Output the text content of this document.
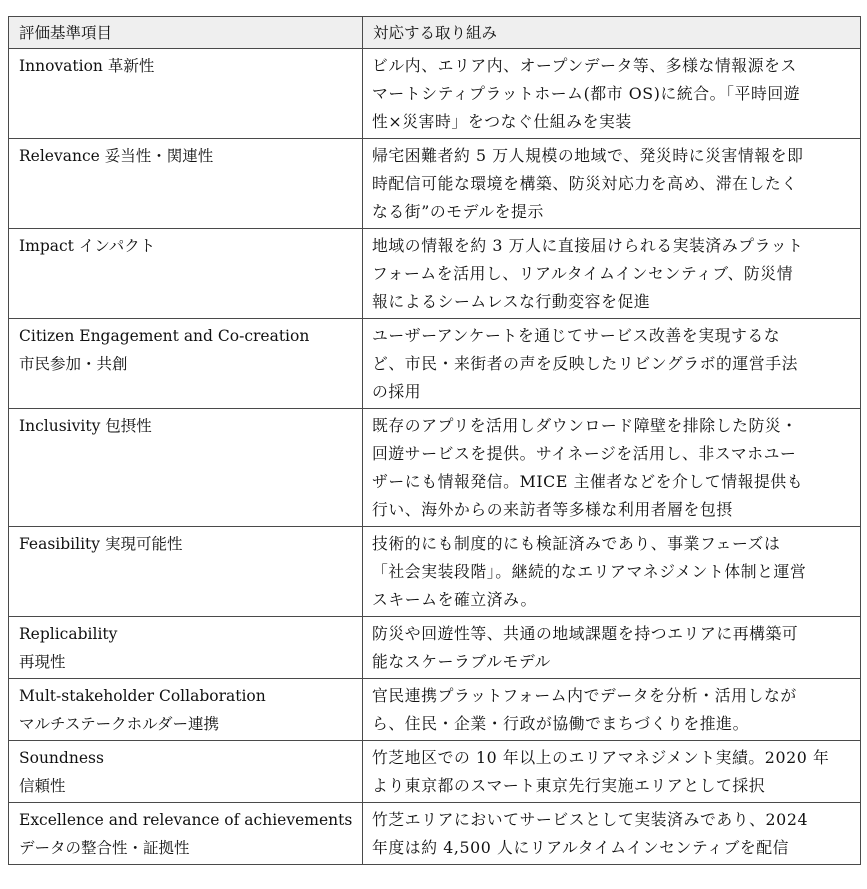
評価基準項目	対応する取り組み

Innovation 革新性	ビル内、エリア内、オープンデータ等、多様な情報源をス
マートシティプラットホーム(都市 OS)に統合。「平時回遊
性×災害時」をつなぐ仕組みを実装

Relevance 妥当性・関連性	帰宅困難者約 5 万人規模の地域で、発災時に災害情報を即
時配信可能な環境を構築、防災対応力を高め、滞在したく
なる街”のモデルを提示

Impact インパクト	地域の情報を約 3 万人に直接届けられる実装済みプラット
フォームを活用し、リアルタイムインセンティブ、防災情
報によるシームレスな行動変容を促進

Citizen Engagement and Co-creation
市民参加・共創	ユーザーアンケートを通じてサービス改善を実現するな
ど、市民・来街者の声を反映したリビングラボ的運営手法
の採用

Inclusivity 包摂性	既存のアプリを活用しダウンロード障壁を排除した防災・
回遊サービスを提供。サイネージを活用し、非スマホユー
ザーにも情報発信。MICE 主催者などを介して情報提供も
行い、海外からの来訪者等多様な利用者層を包摂

Feasibility 実現可能性	技術的にも制度的にも検証済みであり、事業フェーズは
「社会実装段階」。継続的なエリアマネジメント体制と運営
スキームを確立済み。

Replicability
再現性	防災や回遊性等、共通の地域課題を持つエリアに再構築可
能なスケーラブルモデル

Mult-stakeholder Collaboration
マルチステークホルダー連携	官民連携プラットフォーム内でデータを分析・活用しなが
ら、住民・企業・行政が協働でまちづくりを推進。

Soundness
信頼性	竹芝地区での 10 年以上のエリアマネジメント実績。2020 年
より東京都のスマート東京先行実施エリアとして採択

Excellence and relevance of achievements
データの整合性・証拠性	竹芝エリアにおいてサービスとして実装済みであり、2024
年度は約 4,500 人にリアルタイムインセンティブを配信
